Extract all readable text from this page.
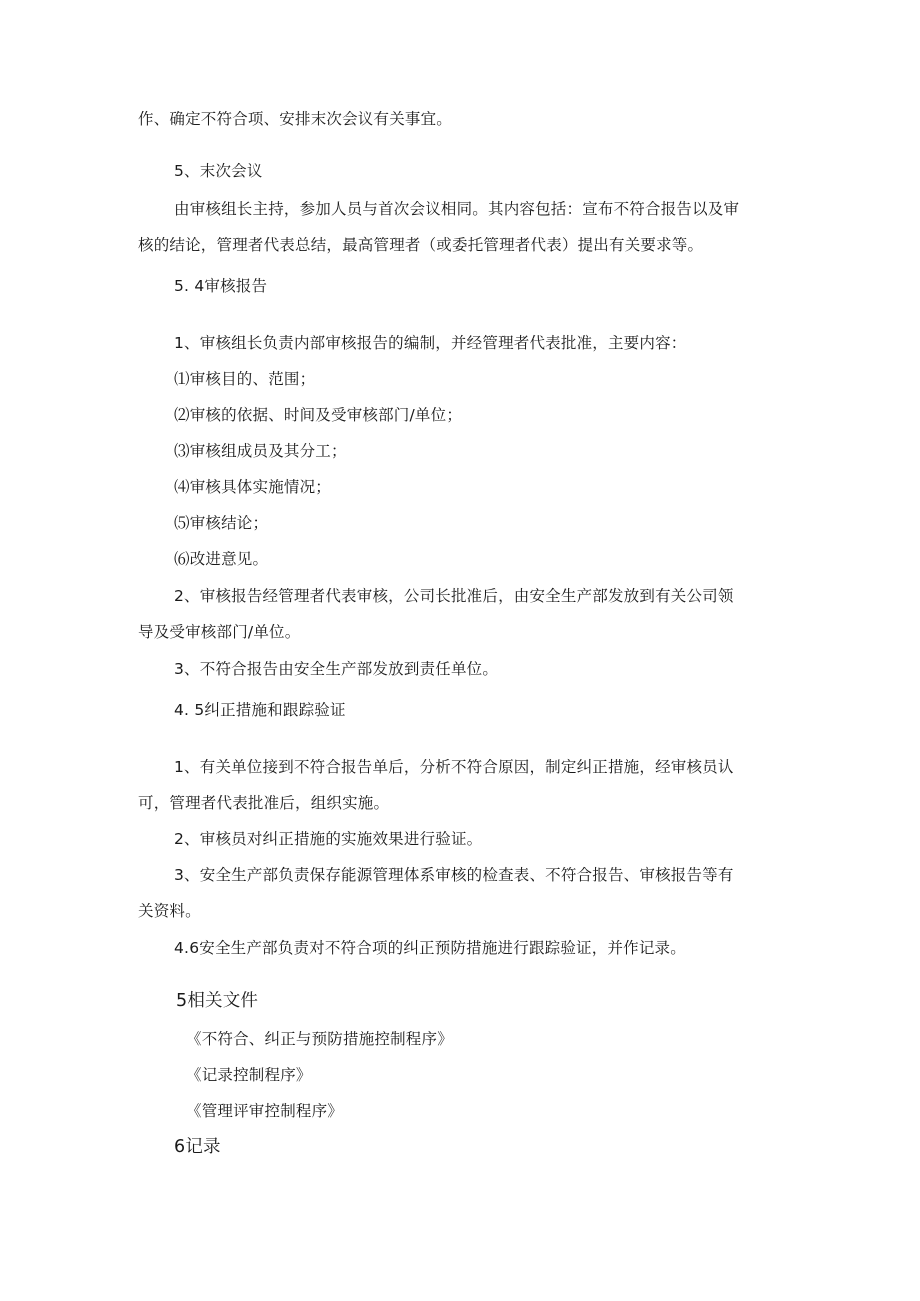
作、确定不符合项、安排末次会议有关事宜。
5、末次会议
由审核组长主持，参加人员与首次会议相同。其内容包括：宣布不符合报告以及审
核的结论，管理者代表总结，最高管理者（或委托管理者代表）提出有关要求等。
5. 4审核报告
1、审核组长负责内部审核报告的编制，并经管理者代表批准，主要内容：
⑴审核目的、范围；
⑵审核的依据、时间及受审核部门/单位；
⑶审核组成员及其分工；
⑷审核具体实施情况；
⑸审核结论；
⑹改进意见。
2、审核报告经管理者代表审核，公司长批准后，由安全生产部发放到有关公司领
导及受审核部门/单位。
3、不符合报告由安全生产部发放到责任单位。
4. 5纠正措施和跟踪验证
1、有关单位接到不符合报告单后，分析不符合原因，制定纠正措施，经审核员认
可，管理者代表批准后，组织实施。
2、审核员对纠正措施的实施效果进行验证。
3、安全生产部负责保存能源管理体系审核的检查表、不符合报告、审核报告等有
关资料。
4.6安全生产部负责对不符合项的纠正预防措施进行跟踪验证，并作记录。
5相关文件
《不符合、纠正与预防措施控制程序》
《记录控制程序》
《管理评审控制程序》
6记录
